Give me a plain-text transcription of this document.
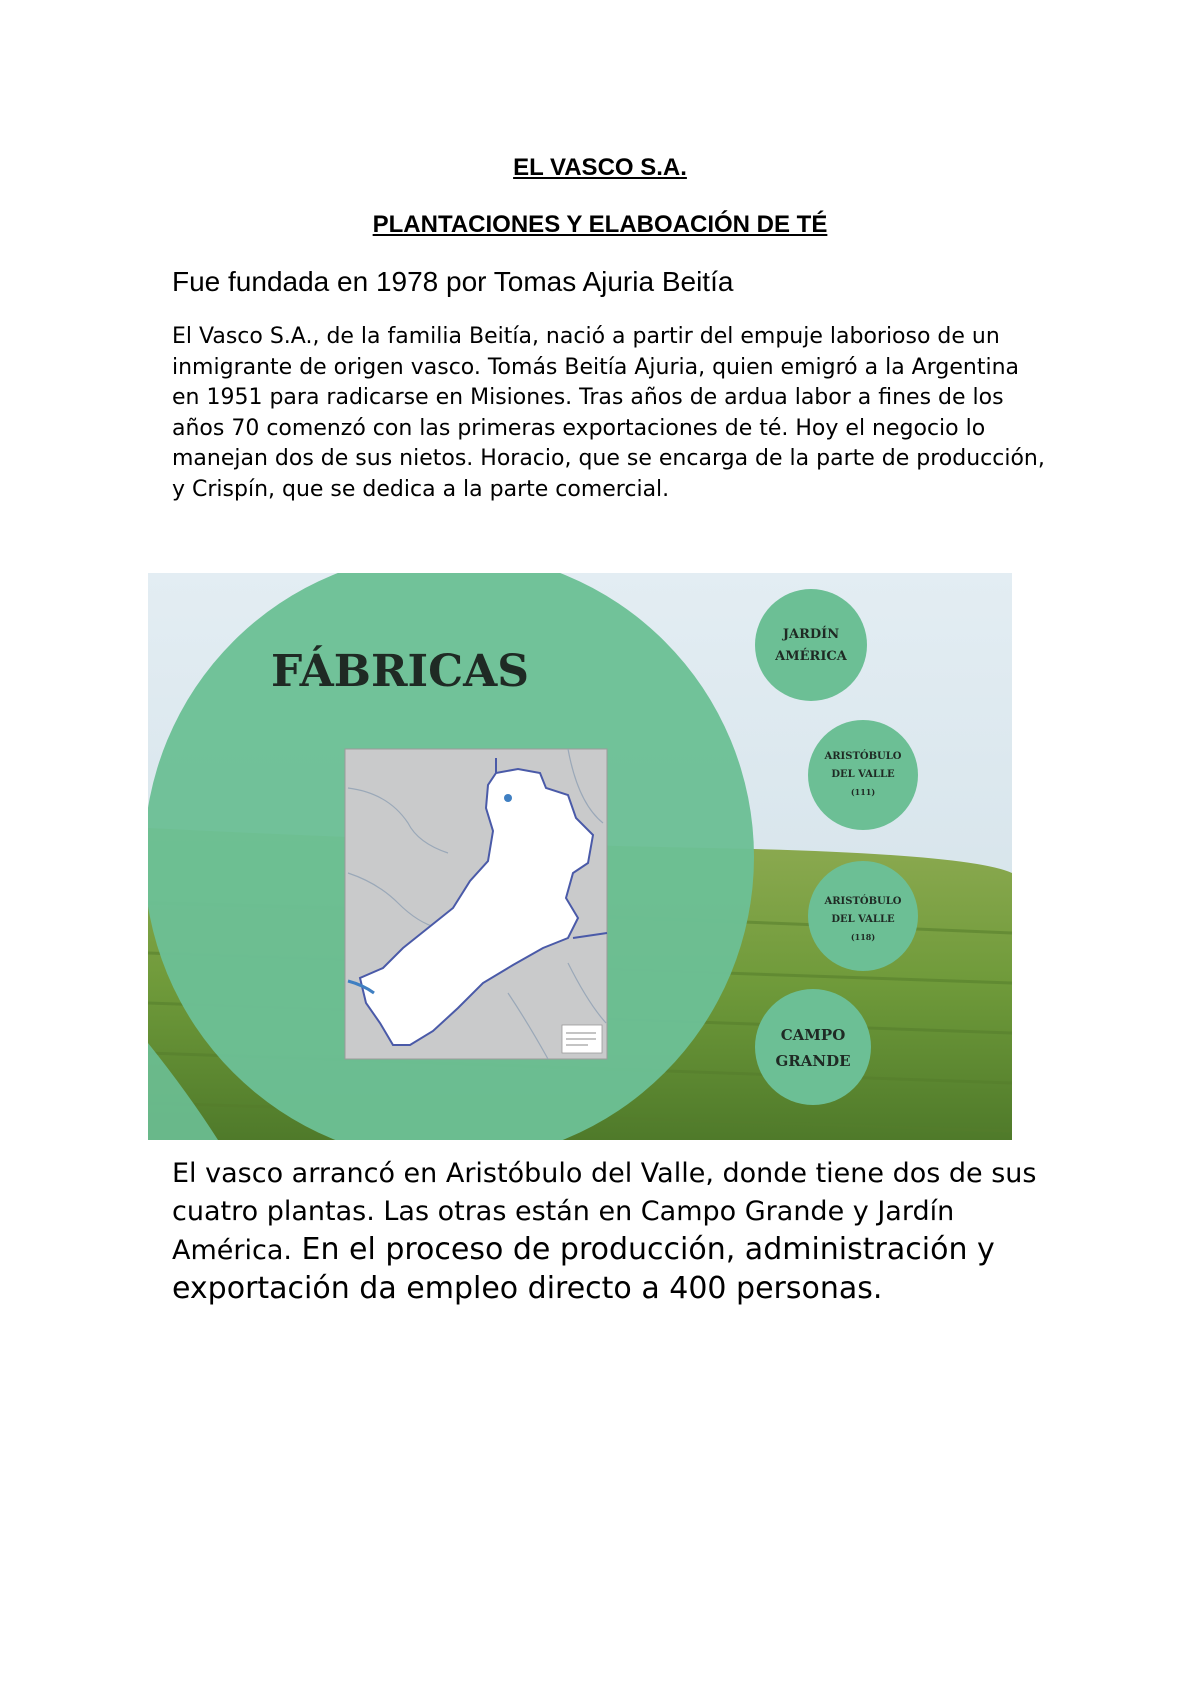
EL VASCO S.A.
PLANTACIONES Y ELABOACIÓN DE TÉ
Fue fundada en 1978 por Tomas Ajuria Beitía

El Vasco S.A., de la familia Beitía, nació a partir del empuje laborioso de un inmigrante de origen vasco. Tomás Beitía Ajuria, quien emigró a la Argentina en 1951 para radicarse en Misiones. Tras años de ardua labor a fines de los años 70 comenzó con las primeras exportaciones de té. Hoy el negocio lo manejan dos de sus nietos. Horacio, que se encarga de la parte de producción, y Crispín, que se dedica a la parte comercial.

FÁBRICAS
JARDÍN
AMÉRICA
ARISTÓBULO
DEL VALLE
(111)
ARISTÓBULO
DEL VALLE
(118)
CAMPO
GRANDE

El vasco arrancó en Aristóbulo del Valle, donde tiene dos de sus cuatro plantas. Las otras están en Campo Grande y Jardín América. En el proceso de producción, administración y exportación da empleo directo a 400 personas.
